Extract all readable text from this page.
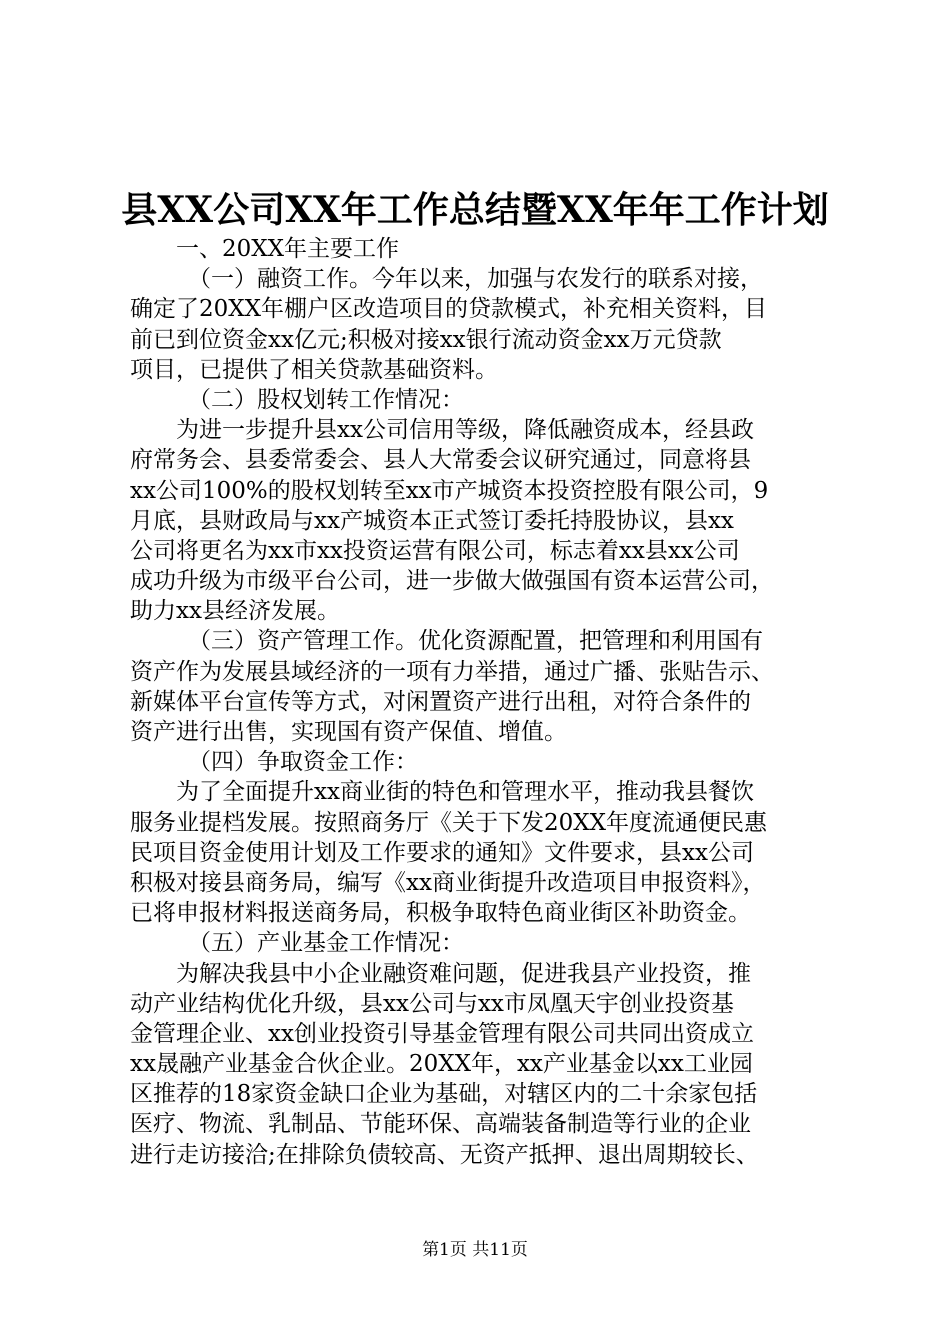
县XX公司XX年工作总结暨XX年年工作计划
一、20XX年主要工作
（一）融资工作。今年以来，加强与农发行的联系对接，
确定了20XX年棚户区改造项目的贷款模式，补充相关资料，目
前已到位资金xx亿元;积极对接xx银行流动资金xx万元贷款
项目，已提供了相关贷款基础资料。
（二）股权划转工作情况：
为进一步提升县xx公司信用等级，降低融资成本，经县政
府常务会、县委常委会、县人大常委会议研究通过，同意将县
xx公司100%的股权划转至xx市产城资本投资控股有限公司，9
月底，县财政局与xx产城资本正式签订委托持股协议，县xx
公司将更名为xx市xx投资运营有限公司，标志着xx县xx公司
成功升级为市级平台公司，进一步做大做强国有资本运营公司，
助力xx县经济发展。
（三）资产管理工作。优化资源配置，把管理和利用国有
资产作为发展县域经济的一项有力举措，通过广播、张贴告示、
新媒体平台宣传等方式，对闲置资产进行出租，对符合条件的
资产进行出售，实现国有资产保值、增值。
（四）争取资金工作：
为了全面提升xx商业街的特色和管理水平，推动我县餐饮
服务业提档发展。按照商务厅《关于下发20XX年度流通便民惠
民项目资金使用计划及工作要求的通知》文件要求，县xx公司
积极对接县商务局，编写《xx商业街提升改造项目申报资料》，
已将申报材料报送商务局，积极争取特色商业街区补助资金。
（五）产业基金工作情况：
为解决我县中小企业融资难问题，促进我县产业投资，推
动产业结构优化升级，县xx公司与xx市凤凰天宇创业投资基
金管理企业、xx创业投资引导基金管理有限公司共同出资成立
xx晟融产业基金合伙企业。20XX年，xx产业基金以xx工业园
区推荐的18家资金缺口企业为基础，对辖区内的二十余家包括
医疗、物流、乳制品、节能环保、高端装备制造等行业的企业
进行走访接洽;在排除负债较高、无资产抵押、退出周期较长、
第1页 共11页
